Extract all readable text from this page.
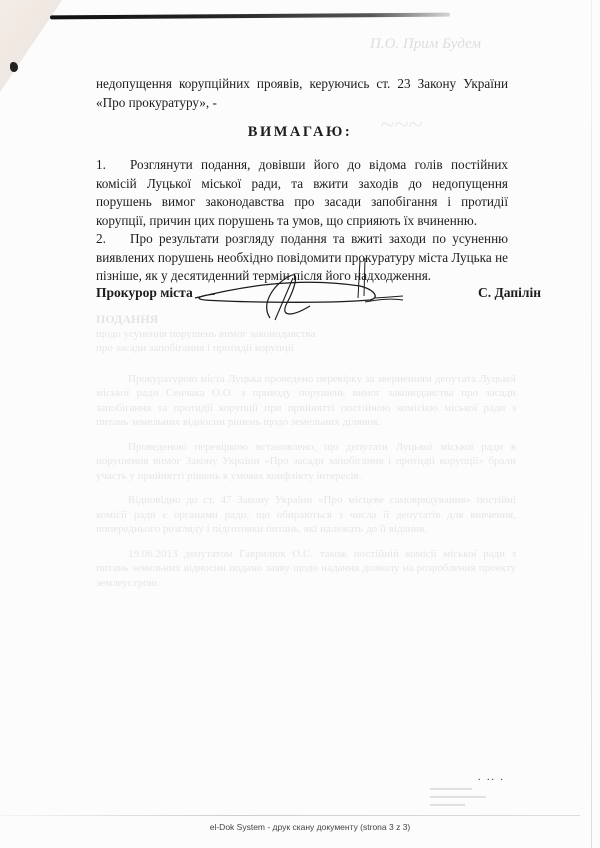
П.О. Прим Будем
~~~
недопущення корупційних проявів, керуючись ст. 23 Закону України «Про прокуратуру», -
ВИМАГАЮ:
1. Розглянути подання, довівши його до відома голів постійних комісій Луцької міської ради, та вжити заходів до недопущення порушень вимог законодавства про засади запобігання і протидії корупції, причин цих порушень та умов, що сприяють їх вчиненню.
2. Про результати розгляду подання та вжиті заходи по усуненню виявлених порушень необхідно повідомити прокуратуру міста Луцька не пізніше, як у десятиденний термін після його надходження.
Прокурор міста	С. Дапілін
ПОДАННЯ
щодо усунення порушень вимог законодавства
про засади запобігання і протидії корупції

Прокуратурою міста Луцька проведено перевірку за зверненням депутата Луцької міської ради Сенчака О.О. з приводу порушень вимог законодавства про засади запобігання та протидії корупції при прийнятті постійною комісією міської ради з питань земельних відносин рішень щодо земельних ділянок.

Проведеною перевіркою встановлено, що депутати Луцької міської ради в порушення вимог Закону України «Про засади запобігання і протидії корупції» брали участь у прийнятті рішень в умовах конфлікту інтересів.

Відповідно до ст. 47 Закону України «Про місцеве самоврядування» постійні комісії ради є органами ради, що обираються з числа її депутатів для вивчення, попереднього розгляду і підготовки питань, які належать до її відання.

19.06.2013 депутатом Гаврилюк О.С. також постійній комісії міської ради з питань земельних відносин подано заяву щодо надання дозволу на розроблення проекту землеустрою.

. .. .
▬▬▬▬▬▬
▬▬▬▬▬▬▬▬
▬▬▬▬▬
el-Dok System - друк скану документу (strona 3 z 3)
